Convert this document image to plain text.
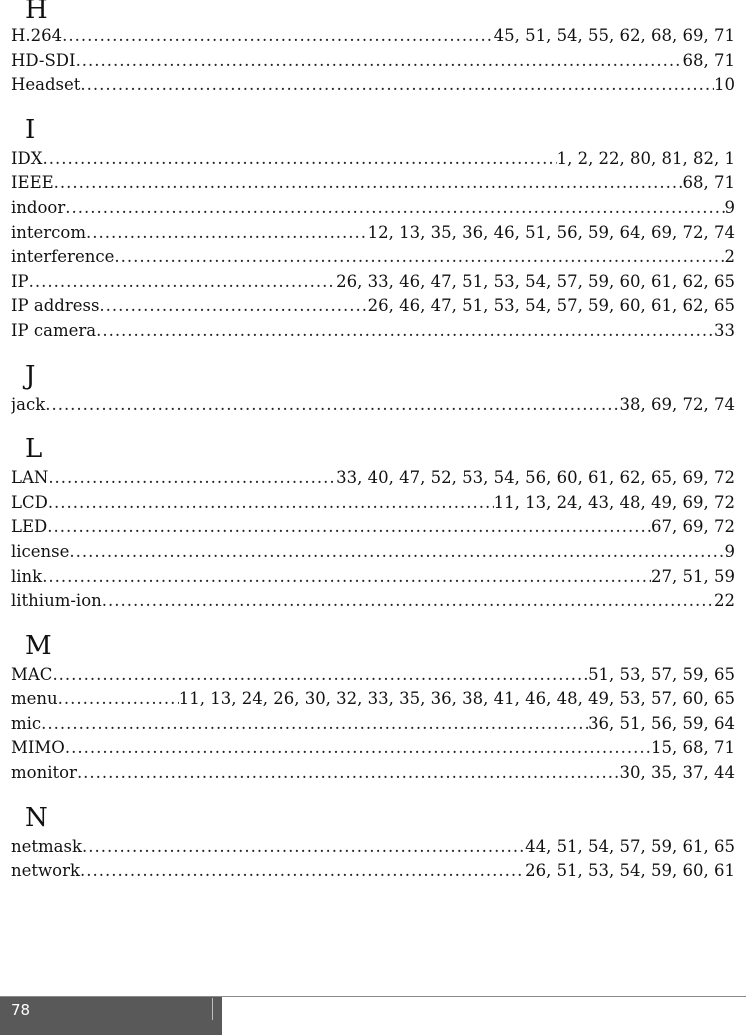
H
H.264 .....	45, 51, 54, 55, 62, 68, 69, 71
HD-SDI .....	68, 71
Headset .....	10
I
IDX .....	1, 2, 22, 80, 81, 82, 1
IEEE .....	68, 71
indoor .....	9
intercom .....	12, 13, 35, 36, 46, 51, 56, 59, 64, 69, 72, 74
interference .....	2
IP .....	26, 33, 46, 47, 51, 53, 54, 57, 59, 60, 61, 62, 65
IP address .....	26, 46, 47, 51, 53, 54, 57, 59, 60, 61, 62, 65
IP camera .....	33
J
jack .....	38, 69, 72, 74
L
LAN .....	33, 40, 47, 52, 53, 54, 56, 60, 61, 62, 65, 69, 72
LCD .....	11, 13, 24, 43, 48, 49, 69, 72
LED .....	67, 69, 72
license .....	9
link .....	27, 51, 59
lithium-ion .....	22
M
MAC .....	51, 53, 57, 59, 65
menu .....	11, 13, 24, 26, 30, 32, 33, 35, 36, 38, 41, 46, 48, 49, 53, 57, 60, 65
mic .....	36, 51, 56, 59, 64
MIMO .....	15, 68, 71
monitor .....	30, 35, 37, 44
N
netmask .....	44, 51, 54, 57, 59, 61, 65
network .....	26, 51, 53, 54, 59, 60, 61
78
